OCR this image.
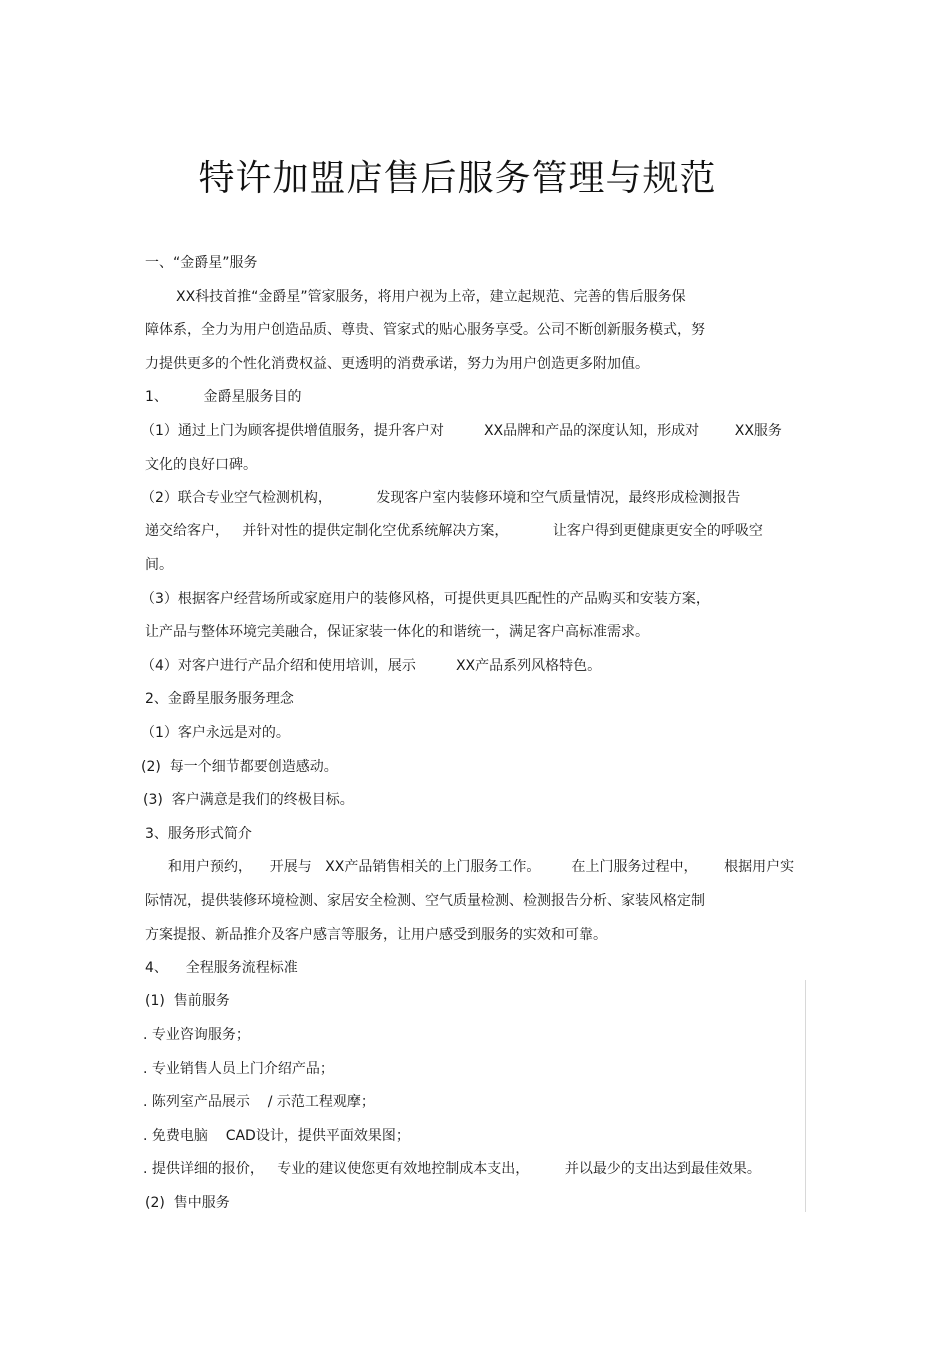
特许加盟店售后服务管理与规范
一、“金爵星”服务
XX科技首推“金爵星”管家服务，将用户视为上帝，建立起规范、完善的售后服务保
障体系，全力为用户创造品质、尊贵、管家式的贴心服务享受。公司不断创新服务模式，努
力提供更多的个性化消费权益、更透明的消费承诺，努力为用户创造更多附加值。
1、        金爵星服务目的
（1）通过上门为顾客提供增值服务，提升客户对         XX品牌和产品的深度认知，形成对        XX服务
文化的良好口碑。
（2）联合专业空气检测机构，          发现客户室内装修环境和空气质量情况，最终形成检测报告
递交给客户，   并针对性的提供定制化空优系统解决方案，          让客户得到更健康更安全的呼吸空
间。
（3）根据客户经营场所或家庭用户的装修风格，可提供更具匹配性的产品购买和安装方案，
让产品与整体环境完美融合，保证家装一体化的和谐统一，满足客户高标准需求。
（4）对客户进行产品介绍和使用培训，展示         XX产品系列风格特色。
2、金爵星服务服务理念
（1）客户永远是对的。
(2)  每一个细节都要创造感动。
(3)  客户满意是我们的终极目标。
3、服务形式简介
和用户预约，    开展与   XX产品销售相关的上门服务工作。       在上门服务过程中，      根据用户实
际情况，提供装修环境检测、家居安全检测、空气质量检测、检测报告分析、家装风格定制
方案提报、新品推介及客户感言等服务，让用户感受到服务的实效和可靠。
4、    全程服务流程标准
(1)  售前服务
. 专业咨询服务；
. 专业销售人员上门介绍产品；
. 陈列室产品展示    / 示范工程观摩；
. 免费电脑    CAD设计，提供平面效果图；
. 提供详细的报价，   专业的建议使您更有效地控制成本支出，        并以最少的支出达到最佳效果。
(2)  售中服务
